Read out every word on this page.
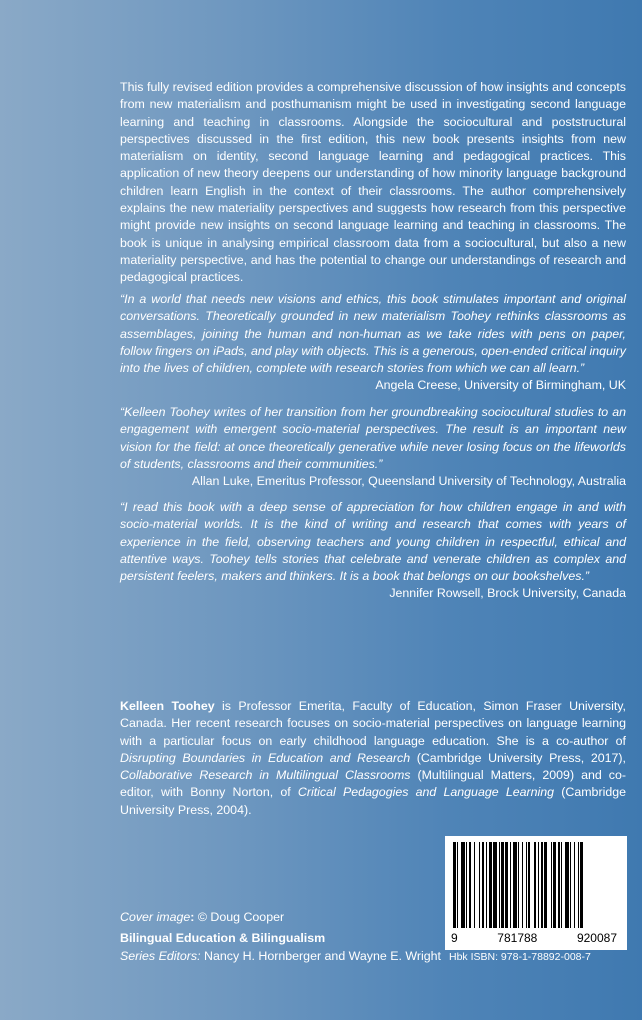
This fully revised edition provides a comprehensive discussion of how insights and concepts from new materialism and posthumanism might be used in investigating second language learning and teaching in classrooms. Alongside the sociocultural and poststructural perspectives discussed in the first edition, this new book presents insights from new materialism on identity, second language learning and pedagogical practices. This application of new theory deepens our understanding of how minority language background children learn English in the context of their classrooms. The author comprehensively explains the new materiality perspectives and suggests how research from this perspective might provide new insights on second language learning and teaching in classrooms. The book is unique in analysing empirical classroom data from a sociocultural, but also a new materiality perspective, and has the potential to change our understandings of research and pedagogical practices.
“In a world that needs new visions and ethics, this book stimulates important and original conversations. Theoretically grounded in new materialism Toohey rethinks classrooms as assemblages, joining the human and non-human as we take rides with pens on paper, follow fingers on iPads, and play with objects. This is a generous, open-ended critical inquiry into the lives of children, complete with research stories from which we can all learn.”
Angela Creese, University of Birmingham, UK
“Kelleen Toohey writes of her transition from her groundbreaking sociocultural studies to an engagement with emergent socio-material perspectives. The result is an important new vision for the field: at once theoretically generative while never losing focus on the lifeworlds of students, classrooms and their communities.”
Allan Luke, Emeritus Professor, Queensland University of Technology, Australia
“I read this book with a deep sense of appreciation for how children engage in and with socio-material worlds. It is the kind of writing and research that comes with years of experience in the field, observing teachers and young children in respectful, ethical and attentive ways. Toohey tells stories that celebrate and venerate children as complex and persistent feelers, makers and thinkers. It is a book that belongs on our bookshelves.”
Jennifer Rowsell, Brock University, Canada
Kelleen Toohey is Professor Emerita, Faculty of Education, Simon Fraser University, Canada. Her recent research focuses on socio-material perspectives on language learning with a particular focus on early childhood language education. She is a co-author of Disrupting Boundaries in Education and Research (Cambridge University Press, 2017), Collaborative Research in Multilingual Classrooms (Multilingual Matters, 2009) and co-editor, with Bonny Norton, of Critical Pedagogies and Language Learning (Cambridge University Press, 2004).
Cover image: © Doug Cooper
Bilingual Education & Bilingualism
Series Editors: Nancy H. Hornberger and Wayne E. Wright
9	781788	920087
Hbk ISBN: 978-1-78892-008-7
